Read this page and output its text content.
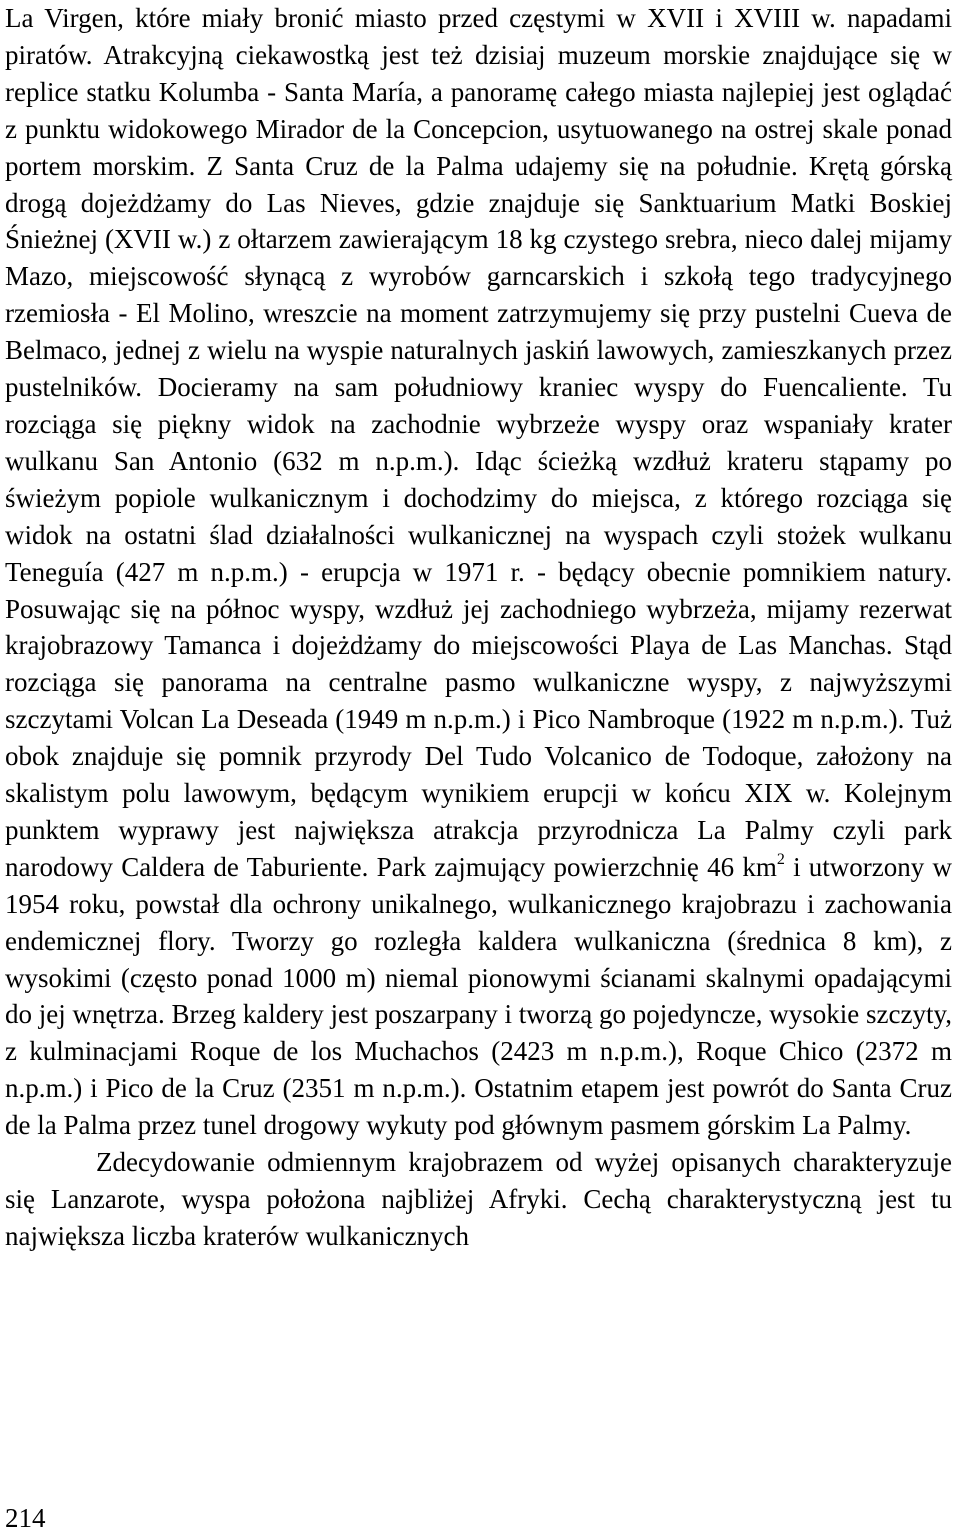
La Virgen, które miały bronić miasto przed częstymi w XVII i XVIII w. napadami piratów. Atrakcyjną ciekawostką jest też dzisiaj muzeum morskie znajdujące się w replice statku Kolumba - Santa María, a panoramę całego miasta najlepiej jest oglądać z punktu widokowego Mirador de la Concepcion, usytuowanego na ostrej skale ponad portem morskim. Z Santa Cruz de la Palma udajemy się na południe. Krętą górską drogą dojeżdżamy do Las Nieves, gdzie znajduje się Sanktuarium Matki Boskiej Śnieżnej (XVII w.) z ołtarzem zawierającym 18 kg czystego srebra, nieco dalej mijamy Mazo, miejscowość słynącą z wyrobów garncarskich i szkołą tego tradycyjnego rzemiosła - El Molino, wreszcie na moment zatrzymujemy się przy pustelni Cueva de Belmaco, jednej z wielu na wyspie naturalnych jaskiń lawowych, zamieszkanych przez pustelników. Docieramy na sam południowy kraniec wyspy do Fuencaliente. Tu rozciąga się piękny widok na zachodnie wybrzeże wyspy oraz wspaniały krater wulkanu San Antonio (632 m n.p.m.). Idąc ścieżką wzdłuż krateru stąpamy po świeżym popiole wulkanicznym i dochodzimy do miejsca, z którego rozciąga się widok na ostatni ślad działalności wulkanicznej na wyspach czyli stożek wulkanu Teneguía (427 m n.p.m.) - erupcja w 1971 r. - będący obecnie pomnikiem natury. Posuwając się na północ wyspy, wzdłuż jej zachodniego wybrzeża, mijamy rezerwat krajobrazowy Tamanca i dojeżdżamy do miejscowości Playa de Las Manchas. Stąd rozciąga się panorama na centralne pasmo wulkaniczne wyspy, z najwyższymi szczytami Volcan La Deseada (1949 m n.p.m.) i Pico Nambroque (1922 m n.p.m.). Tuż obok znajduje się pomnik przyrody Del Tudo Volcanico de Todoque, założony na skalistym polu lawowym, będącym wynikiem erupcji w końcu XIX w. Kolejnym punktem wyprawy jest największa atrakcja przyrodnicza La Palmy czyli park narodowy Caldera de Taburiente. Park zajmujący powierzchnię 46 $km^2$ i utworzony w 1954 roku, powstał dla ochrony unikalnego, wulkanicznego krajobrazu i zachowania endemicznej flory. Tworzy go rozległa kaldera wulkaniczna (średnica 8 km), z wysokimi (często ponad 1000 m) niemal pionowymi ścianami skalnymi opadającymi do jej wnętrza. Brzeg kaldery jest poszarpany i tworzą go pojedyncze, wysokie szczyty, z kulminacjami Roque de los Muchachos (2423 m n.p.m.), Roque Chico (2372 m n.p.m.) i Pico de la Cruz (2351 m n.p.m.). Ostatnim etapem jest powrót do Santa Cruz de la Palma przez tunel drogowy wykuty pod głównym pasmem górskim La Palmy.

Zdecydowanie odmiennym krajobrazem od wyżej opisanych charakteryzuje się Lanzarote, wyspa położona najbliżej Afryki. Cechą charakterystyczną jest tu największa liczba kraterów wulkanicznych

214
